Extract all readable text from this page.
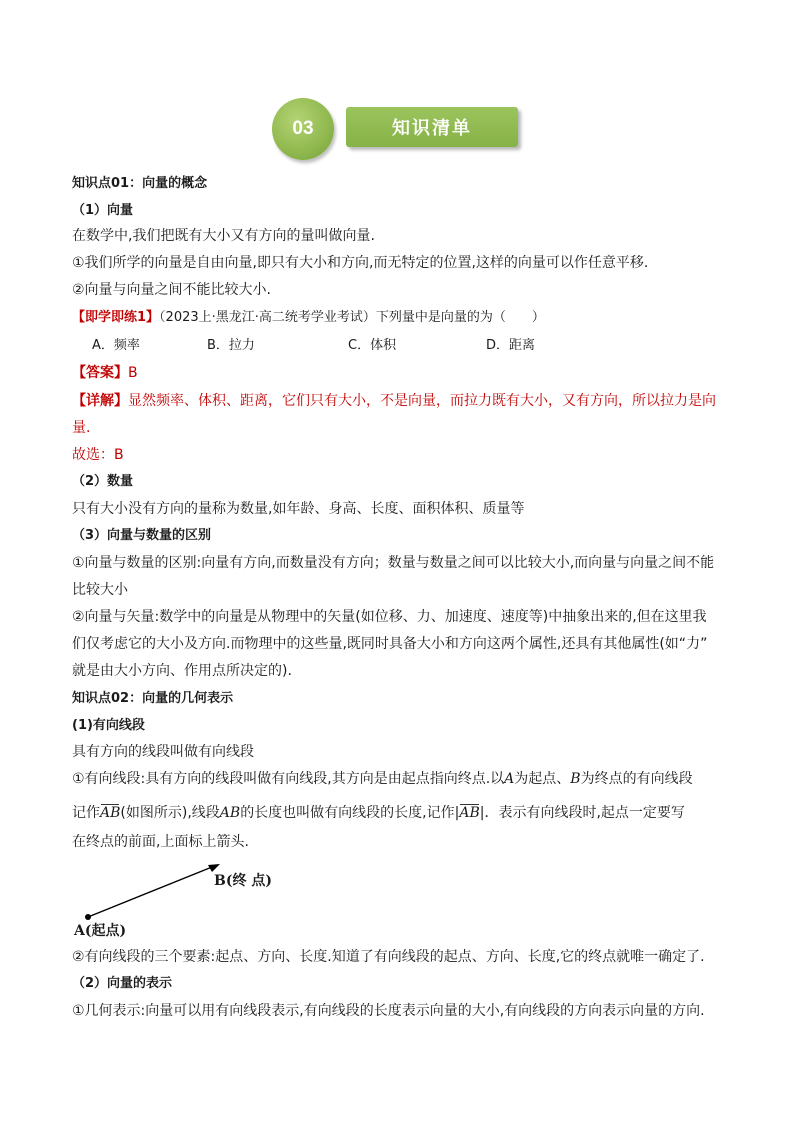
03	知识清单
知识点01：向量的概念
（1）向量
在数学中,我们把既有大小又有方向的量叫做向量.
①我们所学的向量是自由向量,即只有大小和方向,而无特定的位置,这样的向量可以作任意平移.
②向量与向量之间不能比较大小.
【即学即练1】（2023上·黑龙江·高二统考学业考试）下列量中是向量的为（　　）
A．频率	B．拉力	C．体积	D．距离
【答案】B
【详解】显然频率、体积、距离，它们只有大小，不是向量，而拉力既有大小，又有方向，所以拉力是向
量.
故选：B
（2）数量
只有大小没有方向的量称为数量,如年龄、身高、长度、面积体积、质量等
（3）向量与数量的区别
①向量与数量的区别:向量有方向,而数量没有方向；数量与数量之间可以比较大小,而向量与向量之间不能
比较大小
②向量与矢量:数学中的向量是从物理中的矢量(如位移、力、加速度、速度等)中抽象出来的,但在这里我
们仅考虑它的大小及方向.而物理中的这些量,既同时具备大小和方向这两个属性,还具有其他属性(如“力”
就是由大小方向、作用点所决定的).
知识点02：向量的几何表示
(1)有向线段
具有方向的线段叫做有向线段
①有向线段:具有方向的线段叫做有向线段,其方向是由起点指向终点.以A为起点、B为终点的有向线段
记作AB(如图所示),线段AB的长度也叫做有向线段的长度,记作|AB|．表示有向线段时,起点一定要写
在终点的前面,上面标上箭头.
B(终 点)
A(起点)
②有向线段的三个要素:起点、方向、长度.知道了有向线段的起点、方向、长度,它的终点就唯一确定了.
（2）向量的表示
①几何表示:向量可以用有向线段表示,有向线段的长度表示向量的大小,有向线段的方向表示向量的方向.
